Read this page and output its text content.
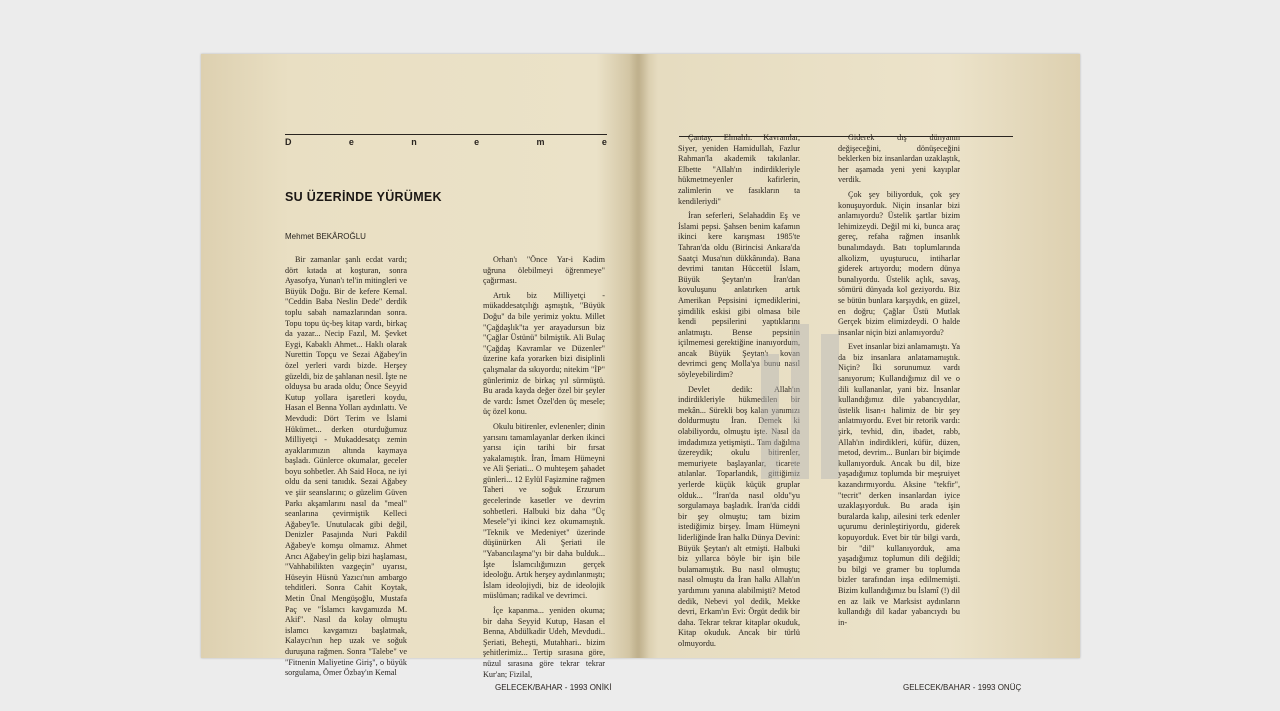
D	e	n	e	m	e
SU ÜZERİNDE YÜRÜMEK
Mehmet BEKÂROĞLU

Bir zamanlar şanlı ecdat vardı; dört kıtada at koşturan, sonra Ayasofya, Yunan'ı tel'in mitingleri ve Büyük Doğu. Bir de kefere Kemal. "Ceddin Baba Neslin Dede" derdik toplu sabah namazlarından sonra. Topu topu üç-beş kitap vardı, birkaç da yazar... Necip Fazıl, M. Şevket Eygi, Kabaklı Ahmet... Haklı olarak Nurettin Topçu ve Sezai Ağabey'in özel yerleri vardı bizde. Herşey güzeldi, biz de şahlanan nesil. İşte ne olduysa bu arada oldu; Önce Seyyid Kutup yollara işaretleri koydu, Hasan el Benna Yolları aydınlattı. Ve Mevdudi: Dört Terim ve İslami Hükümet... derken oturduğumuz Milliyetçi - Mukaddesatçı zemin ayaklarımızın altında kaymaya başladı. Günlerce okumalar, geceler boyu sohbetler. Ah Said Hoca, ne iyi oldu da seni tanıdık. Sezai Ağabey ve şiir seanslarını; o güzelim Güven Parkı akşamlarını nasıl da "meal" seanlarına çevirmiştik Kelleci Ağabey'le. Unutulacak gibi değil, Denizler Pasajında Nuri Pakdil Ağabey'e komşu olmamız. Ahmet Arıcı Ağabey'in gelip bizi haşlaması, "Vahhabilikten vazgeçin" uyarısı, Hüseyin Hüsnü Yazıcı'nın ambargo tehditleri. Sonra Cahit Koytak, Metin Ünal Mengüşoğlu, Mustafa Paç ve "İslamcı kavgamızda M. Akif". Nasıl da kolay olmuştu islamcı kavgamızı başlatmak, Kalaycı'nın hep uzak ve soğuk duruşuna rağmen. Sonra "Talebe" ve "Fitnenin Maliyetine Giriş", o büyük sorgulama, Ömer Özbay'ın Kemal

Orhan'ı "Önce Yar-i Kadim uğruna ölebilmeyi öğrenmeye" çağırması.

Artık biz Milliyetçi - mükaddesatçılığı aşmıştık, "Büyük Doğu" da bile yerimiz yoktu. Millet "Çağdaşlık"ta yer arayadursun biz "Çağlar Üstünü" bilmiştik. Ali Bulaç "Çağdaş Kavramlar ve Düzenler" üzerine kafa yorarken bizi disiplinli çalışmalar da sıkıyordu; nitekim "İP" günlerimiz de birkaç yıl sürmüştü. Bu arada kayda değer özel bir şeyler de vardı: İsmet Özel'den üç mesele; üç özel konu.

Okulu bitirenler, evlenenler; dinin yarısını tamamlayanlar derken ikinci yarısı için tarihi bir fırsat yakalamıştık. İran, İmam Hümeyni ve Ali Şeriati... O muhteşem şahadet günleri... 12 Eylül Faşizmine rağmen Taheri ve soğuk Erzurum gecelerinde kasetler ve devrim sohbetleri. Halbuki biz daha "Üç Mesele"yi ikinci kez okumamıştık. "Teknik ve Medeniyet" üzerinde düşünürken Ali Şeriati ile "Yabancılaşma"yı bir daha bulduk... İşte İslamcılığımızın gerçek ideoloğu. Artık herşey aydınlanmıştı; İslam ideolojiydi, biz de ideolojik müslüman; radikal ve devrimci.

İçe kapanma... yeniden okuma; bir daha Seyyid Kutup, Hasan el Benna, Abdülkadir Udeh, Mevdudi.. Şeriati, Beheşti, Mutahhari.. bizim şehitlerimiz... Tertip sırasına göre, nüzul sırasına göre tekrar tekrar Kur'an; Fizilal,

GELECEK/BAHAR - 1993 ONİKİ

Çantay, Elmalılı. Kavramlar, Siyer, yeniden Hamidullah, Fazlur Rahman'la akademik takılanlar. Elbette "Allah'ın indirdikleriyle hükmetmeyenler kafirlerin, zalimlerin ve fasıkların ta kendileriydi"

İran seferleri, Selahaddin Eş ve İslami pepsi. Şahsen benim kafamın ikinci kere karışması 1985'te Tahran'da oldu (Birincisi Ankara'da Saatçi Musa'nın dükkânında). Bana devrimi tanıtan Hüccetül İslam, Büyük Şeytan'ın İran'dan kovuluşunu anlatırken artık Amerikan Pepsisini içmediklerini, şimdilik eskisi gibi olmasa bile kendi pepsilerini yaptıklarını anlatmıştı. Bense pepsinin içilmemesi gerektiğine inanıyordum, ancak Büyük Şeytan'ı kovan devrimci genç Molla'ya bunu nasıl söyleyebilirdim?

Devlet dedik: Allah'ın indirdikleriyle hükmedilen bir mekân... Sürekli boş kalan yanımızı doldurmuştu İran. Demek ki olabiliyordu, olmuştu işte. Nasıl da imdadımıza yetişmişti.. Tam dağılma üzereydik; okulu bitirenler, memuriyete başlayanlar, ticarete atılanlar. Toparlandık, gittiğimiz yerlerde küçük küçük gruplar olduk... "İran'da nasıl oldu"yu sorgulamaya başladık. İran'da ciddi bir şey olmuştu; tam bizim istediğimiz birşey. İmam Hümeyni liderliğinde İran halkı Dünya Devini: Büyük Şeytan'ı alt etmişti. Halbuki biz yıllarca böyle bir işin bile bulamamıştık. Bu nasıl olmuştu; nasıl olmuştu da İran halkı Allah'ın yardımını yanına alabilmişti? Metod dedik, Nebevi yol dedik, Mekke devri, Erkam'ın Evi: Örgüt dedik bir daha. Tekrar tekrar kitaplar okuduk, Kitap okuduk. Ancak bir türlü olmuyordu.

Giderek dış dünyanın değişeceğini, dönüşeceğini beklerken biz insanlardan uzaklaştık, her aşamada yeni yeni kayıplar verdik.

Çok şey biliyorduk, çok şey konuşuyorduk. Niçin insanlar bizi anlamıyordu? Üstelik şartlar bizim lehimizeydi. Değil mi ki, bunca araç gereç, refaha rağmen insanlık bunalımdaydı. Batı toplumlarında alkolizm, uyuşturucu, intiharlar giderek artıyordu; modern dünya bunalıyordu. Üstelik açlık, savaş, sömürü dünyada kol geziyordu. Biz se bütün bunlara karşıydık, en güzel, en doğru; Çağlar Üstü Mutlak Gerçek bizim elimizdeydi. O halde insanlar niçin bizi anlamıyordu?

Evet insanlar bizi anlamamıştı. Ya da biz insanlara anlatamamıştık. Niçin? İki sorunumuz vardı sanıyorum; Kullandığımız dil ve o dili kullananlar, yani biz. İnsanlar kullandığımız dile yabancıydılar, üstelik lisan-ı halimiz de bir şey anlatmıyordu. Evet bir retorik vardı: şirk, tevhid, din, ibadet, rabb, Allah'ın indirdikleri, küfür, düzen, metod, devrim... Bunları bir biçimde kullanıyorduk. Ancak bu dil, bize yaşadığımız toplumda bir meşruiyet kazandırmıyordu. Aksine "tekfir", "tecrit" derken insanlardan iyice uzaklaşıyorduk. Bu arada işin buralarda kalıp, ailesini terk edenler uçurumu derinleştiriyordu, giderek kopuyorduk. Evet bir tür bilgi vardı, bir "dil" kullanıyorduk, ama yaşadığımız toplumun dili değildi; bu bilgi ve gramer bu toplumda bizler tarafından inşa edilmemişti. Bizim kullandığımız bu İslamî (!) dil en az laik ve Marksist aydınların kullandığı dil kadar yabancıydı bu in-

GELECEK/BAHAR - 1993 ONÜÇ
